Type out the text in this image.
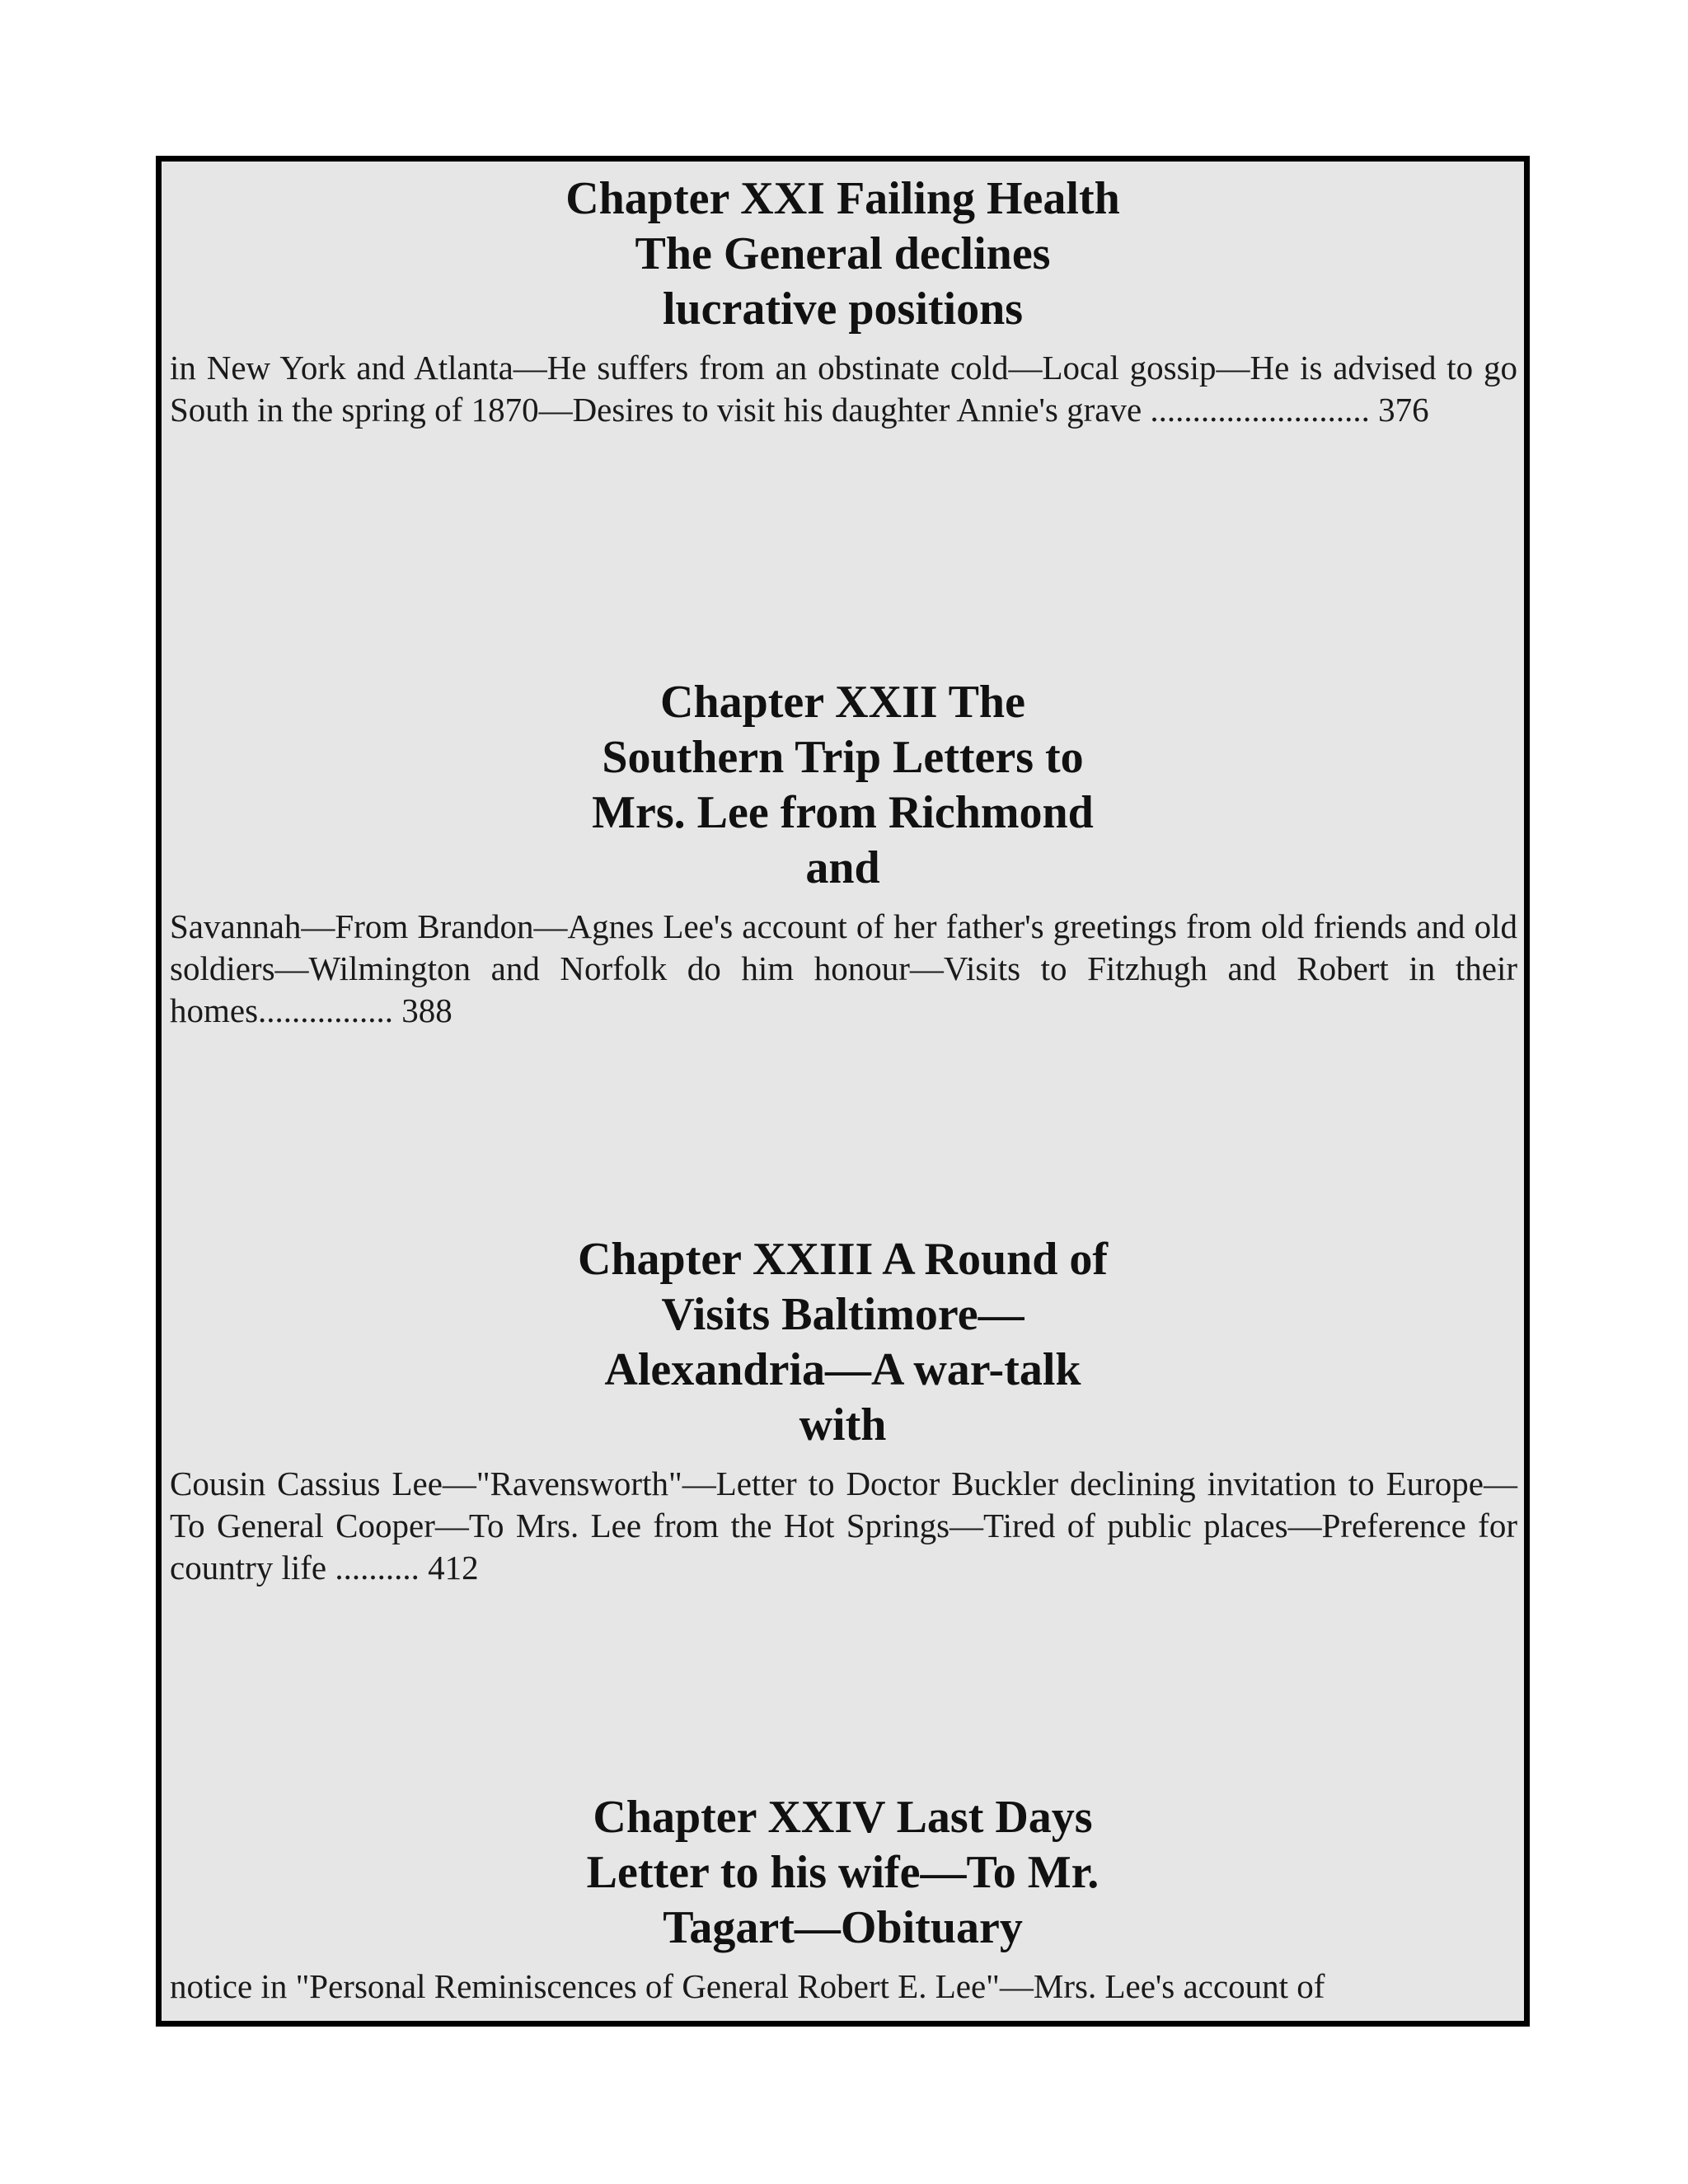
Chapter XXI Failing Health
The General declines
lucrative positions

in New York and Atlanta—He suffers from an obstinate cold—Local gossip—He is advised to go South in the spring of 1870—Desires to visit his daughter Annie's grave .......................... 376

Chapter XXII The
Southern Trip Letters to
Mrs. Lee from Richmond
and

Savannah—From Brandon—Agnes Lee's account of her father's greetings from old friends and old soldiers—Wilmington and Norfolk do him honour—Visits to Fitzhugh and Robert in their homes................ 388

Chapter XXIII A Round of
Visits Baltimore—
Alexandria—A war-talk
with

Cousin Cassius Lee—"Ravensworth"—Letter to Doctor Buckler declining invitation to Europe—To General Cooper—To Mrs. Lee from the Hot Springs—Tired of public places—Preference for country life .......... 412

Chapter XXIV Last Days
Letter to his wife—To Mr.
Tagart—Obituary

notice in "Personal Reminiscences of General Robert E. Lee"—Mrs. Lee's account of
